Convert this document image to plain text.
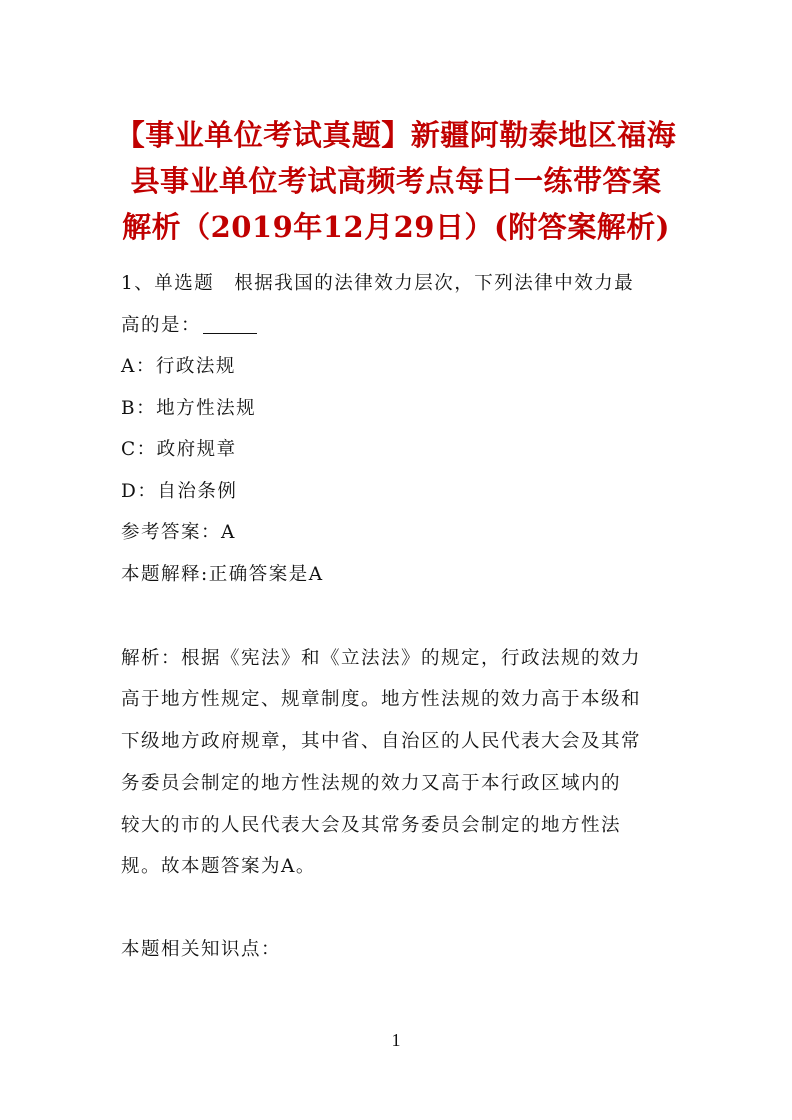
【事业单位考试真题】新疆阿勒泰地区福海
县事业单位考试高频考点每日一练带答案
解析（2019年12月29日）(附答案解析)
1、单选题　根据我国的法律效力层次，下列法律中效力最
高的是：
A：行政法规
B：地方性法规
C：政府规章
D：自治条例
参考答案：A
本题解释:正确答案是A
解析：根据《宪法》和《立法法》的规定，行政法规的效力
高于地方性规定、规章制度。地方性法规的效力高于本级和
下级地方政府规章，其中省、自治区的人民代表大会及其常
务委员会制定的地方性法规的效力又高于本行政区域内的
较大的市的人民代表大会及其常务委员会制定的地方性法
规。故本题答案为A。
本题相关知识点：
1
